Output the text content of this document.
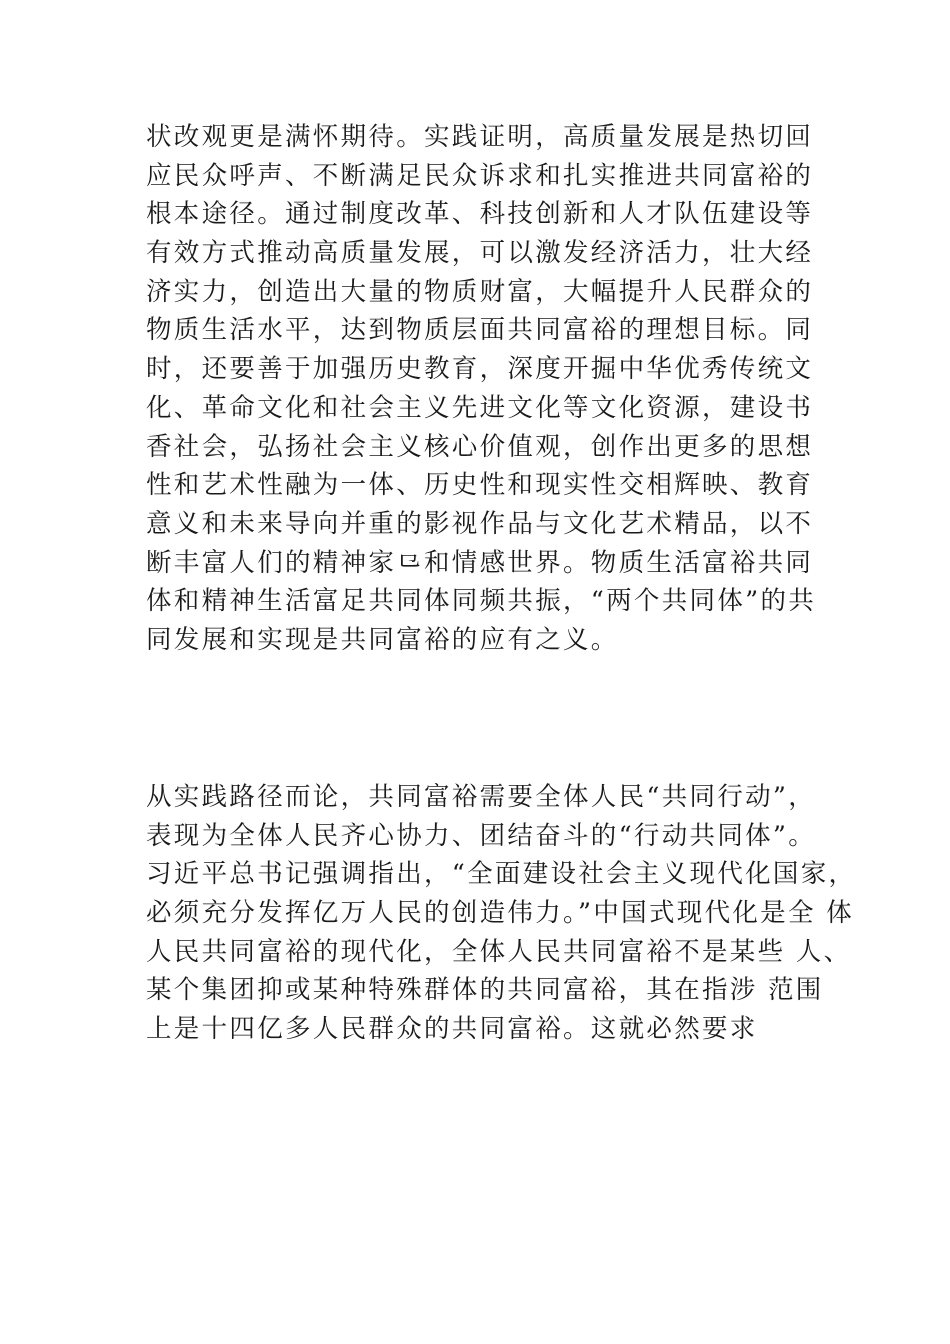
状改观更是满怀期待。实践证明，高质量发展是热切回
应民众呼声、不断满足民众诉求和扎实推进共同富裕的
根本途径。通过制度改革、科技创新和人才队伍建设等
有效方式推动高质量发展，可以激发经济活力，壮大经
济实力，创造出大量的物质财富，大幅提升人民群众的
物质生活水平，达到物质层面共同富裕的理想目标。同
时，还要善于加强历史教育，深度开掘中华优秀传统文
化、革命文化和社会主义先进文化等文化资源，建设书
香社会，弘扬社会主义核心价值观，创作出更多的思想
性和艺术性融为一体、历史性和现实性交相辉映、教育
意义和未来导向并重的影视作品与文化艺术精品，以不
断丰富人们的精神家⺋和情感世界。物质生活富裕共同
体和精神生活富足共同体同频共振，“两个共同体”的共
同发展和实现是共同富裕的应有之义。
从实践路径而论，共同富裕需要全体人民“共同行动”，
表现为全体人民齐心协力、团结奋斗的“行动共同体”。
习近平总书记强调指出，“全面建设社会主义现代化国家，
必须充分发挥亿万人民的创造伟力。”中国式现代化是全 体
人民共同富裕的现代化，全体人民共同富裕不是某些 人、
某个集团抑或某种特殊群体的共同富裕，其在指涉 范围
上是十四亿多人民群众的共同富裕。这就必然要求
